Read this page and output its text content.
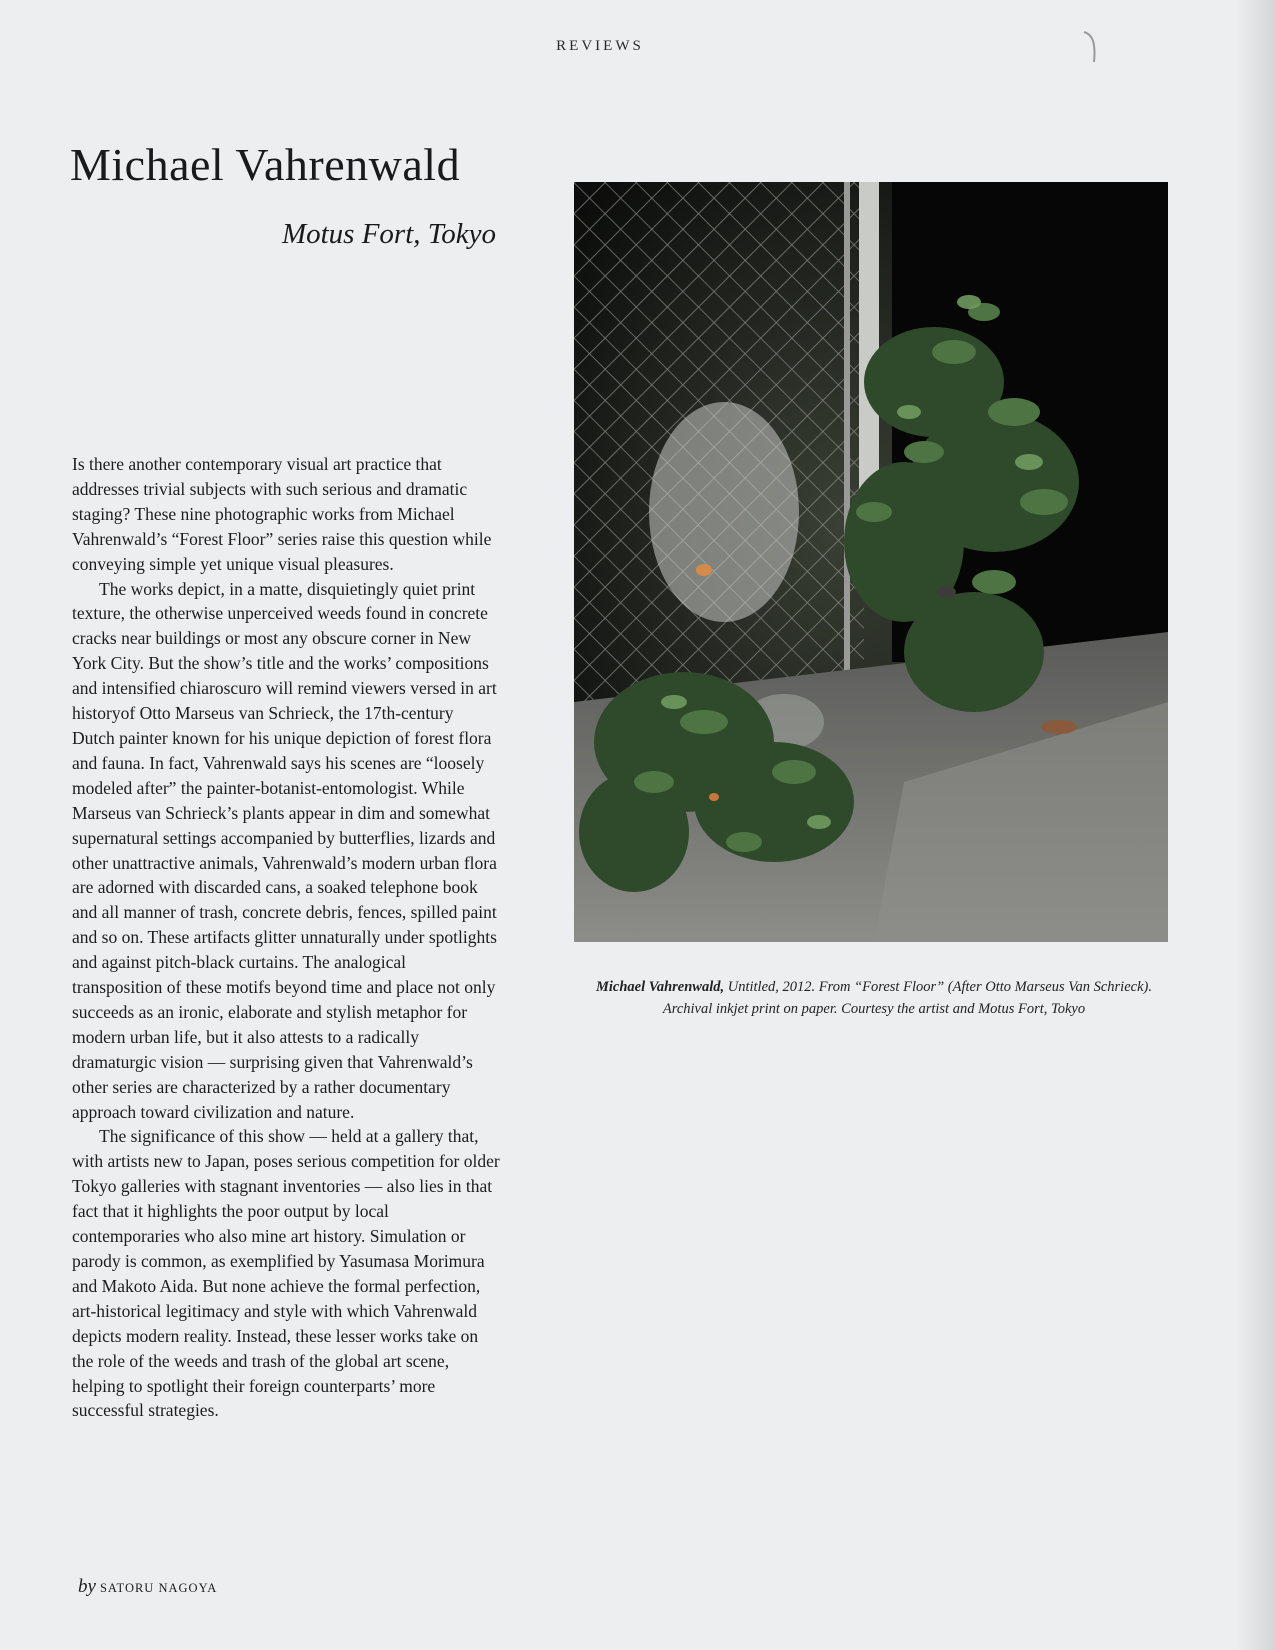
REVIEWS
Michael Vahrenwald
Motus Fort, Tokyo

Is there another contemporary visual art practice that addresses trivial subjects with such serious and dramatic staging? These nine photographic works from Michael Vahrenwald’s “Forest Floor” series raise this question while conveying simple yet unique visual pleasures.

The works depict, in a matte, disquietingly quiet print texture, the otherwise unperceived weeds found in concrete cracks near buildings or most any obscure corner in New York City. But the show’s title and the works’ compositions and intensified chiaroscuro will remind viewers versed in art historyof Otto Marseus van Schrieck, the 17th-century Dutch painter known for his unique depiction of forest flora and fauna. In fact, Vahrenwald says his scenes are “loosely modeled after” the painter-botanist-entomologist. While Marseus van Schrieck’s plants appear in dim and somewhat supernatural settings accompanied by butterflies, lizards and other unattractive animals, Vahrenwald’s modern urban flora are adorned with discarded cans, a soaked telephone book and all manner of trash, concrete debris, fences, spilled paint and so on. These artifacts glitter unnaturally under spotlights and against pitch-black curtains. The analogical transposition of these motifs beyond time and place not only succeeds as an ironic, elaborate and stylish metaphor for modern urban life, but it also attests to a radically dramaturgic vision — surprising given that Vahrenwald’s other series are characterized by a rather documentary approach toward civilization and nature.

The significance of this show — held at a gallery that, with artists new to Japan, poses serious competition for older Tokyo galleries with stagnant inventories — also lies in that fact that it highlights the poor output by local contemporaries who also mine art history. Simulation or parody is common, as exemplified by Yasumasa Morimura and Makoto Aida. But none achieve the formal perfection, art-historical legitimacy and style with which Vahrenwald depicts modern reality. Instead, these lesser works take on the role of the weeds and trash of the global art scene, helping to spotlight their foreign counterparts’ more successful strategies.

by SATORU NAGOYA
Michael Vahrenwald, Untitled, 2012. From “Forest Floor” (After Otto Marseus Van Schrieck). Archival inkjet print on paper. Courtesy the artist and Motus Fort, Tokyo
